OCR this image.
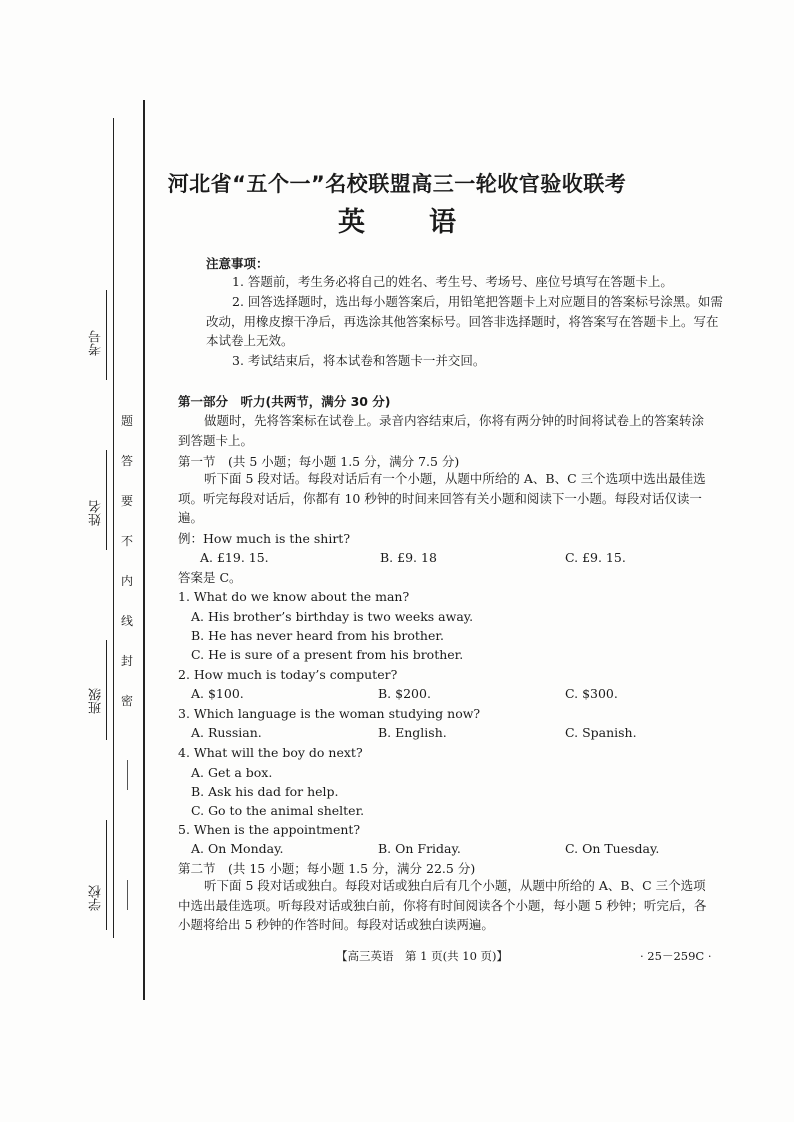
考号
姓名
班级
学校
题
答
要
不
内
线
封
密
河北省“五个一”名校联盟高三一轮收官验收联考
英 语
注意事项：
1. 答题前，考生务必将自己的姓名、考生号、考场号、座位号填写在答题卡上。
2. 回答选择题时，选出每小题答案后，用铅笔把答题卡上对应题目的答案标号涂黑。如需改动，用橡皮擦干净后，再选涂其他答案标号。回答非选择题时，将答案写在答题卡上。写在本试卷上无效。
3. 考试结束后，将本试卷和答题卡一并交回。
第一部分　听力(共两节，满分 30 分)
做题时，先将答案标在试卷上。录音内容结束后，你将有两分钟的时间将试卷上的答案转涂到答题卡上。
第一节　(共 5 小题；每小题 1.5 分，满分 7.5 分)
听下面 5 段对话。每段对话后有一个小题，从题中所给的 A、B、C 三个选项中选出最佳选项。听完每段对话后，你都有 10 秒钟的时间来回答有关小题和阅读下一小题。每段对话仅读一遍。
例：How much is the shirt?
A. £19. 15.	B. £9. 18	C. £9. 15.
答案是 C。
1. What do we know about the man?
A. His brother’s birthday is two weeks away.
B. He has never heard from his brother.
C. He is sure of a present from his brother.
2. How much is today’s computer?
A. $100.	B. $200.	C. $300.
3. Which language is the woman studying now?
A. Russian.	B. English.	C. Spanish.
4. What will the boy do next?
A. Get a box.
B. Ask his dad for help.
C. Go to the animal shelter.
5. When is the appointment?
A. On Monday.	B. On Friday.	C. On Tuesday.
第二节　(共 15 小题；每小题 1.5 分，满分 22.5 分)
听下面 5 段对话或独白。每段对话或独白后有几个小题，从题中所给的 A、B、C 三个选项中选出最佳选项。听每段对话或独白前，你将有时间阅读各个小题，每小题 5 秒钟；听完后，各小题将给出 5 秒钟的作答时间。每段对话或独白读两遍。
【高三英语　第 1 页(共 10 页)】	· 25－259C ·
